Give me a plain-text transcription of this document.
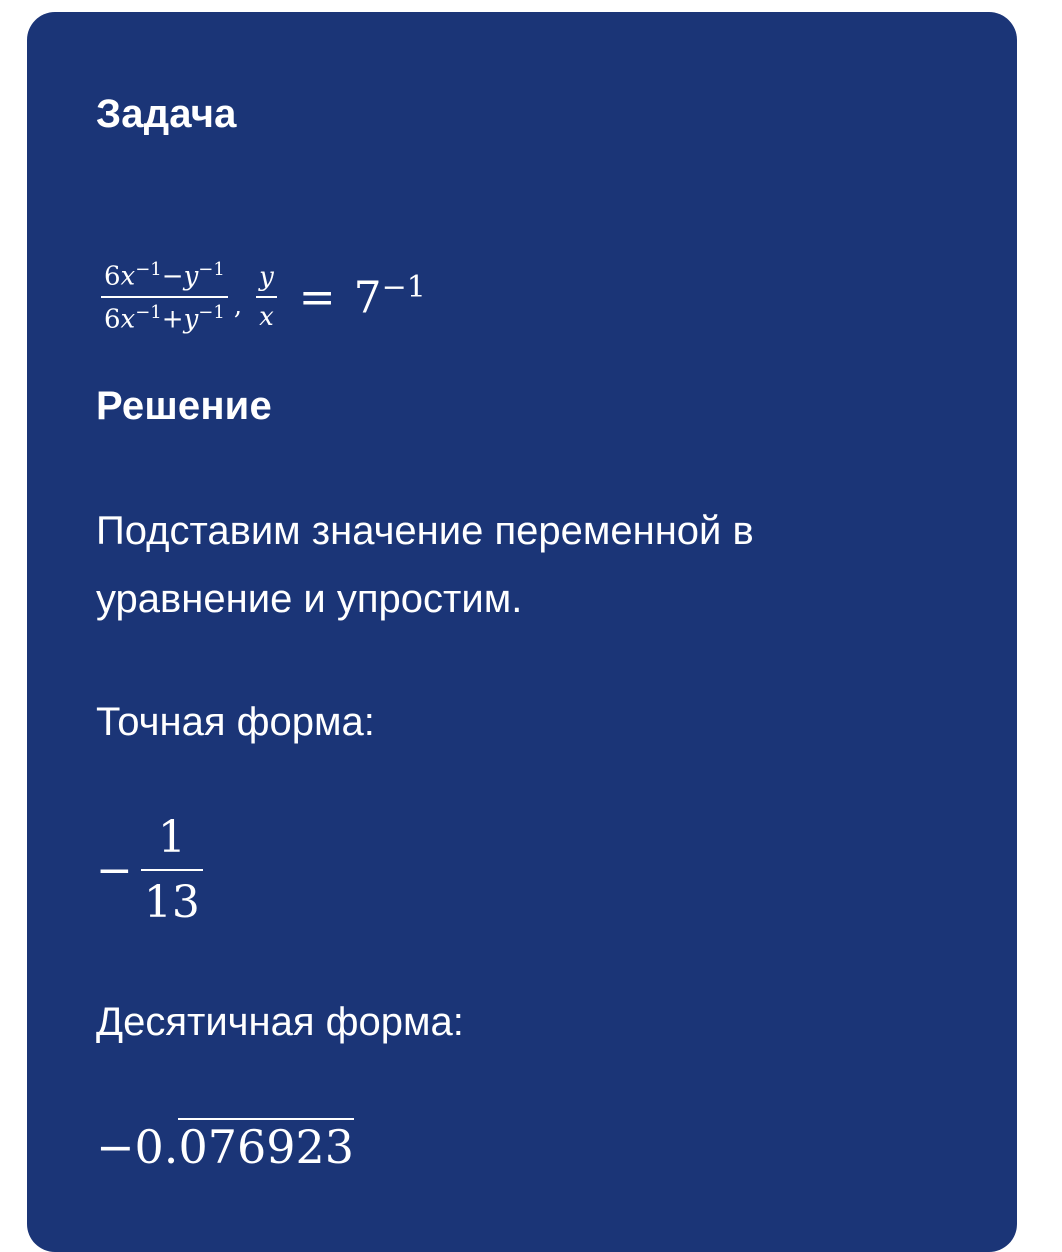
Задача
$\frac{6x^{-1}-y^{-1}}{6x^{-1}+y^{-1}}$ , $\frac{y}{x} = 7^{-1}$
Решение
Подставим значение переменной в уравнение и упростим.
Точная форма:
− $\frac{1}{13}$
Десятичная форма:
−0.076923
